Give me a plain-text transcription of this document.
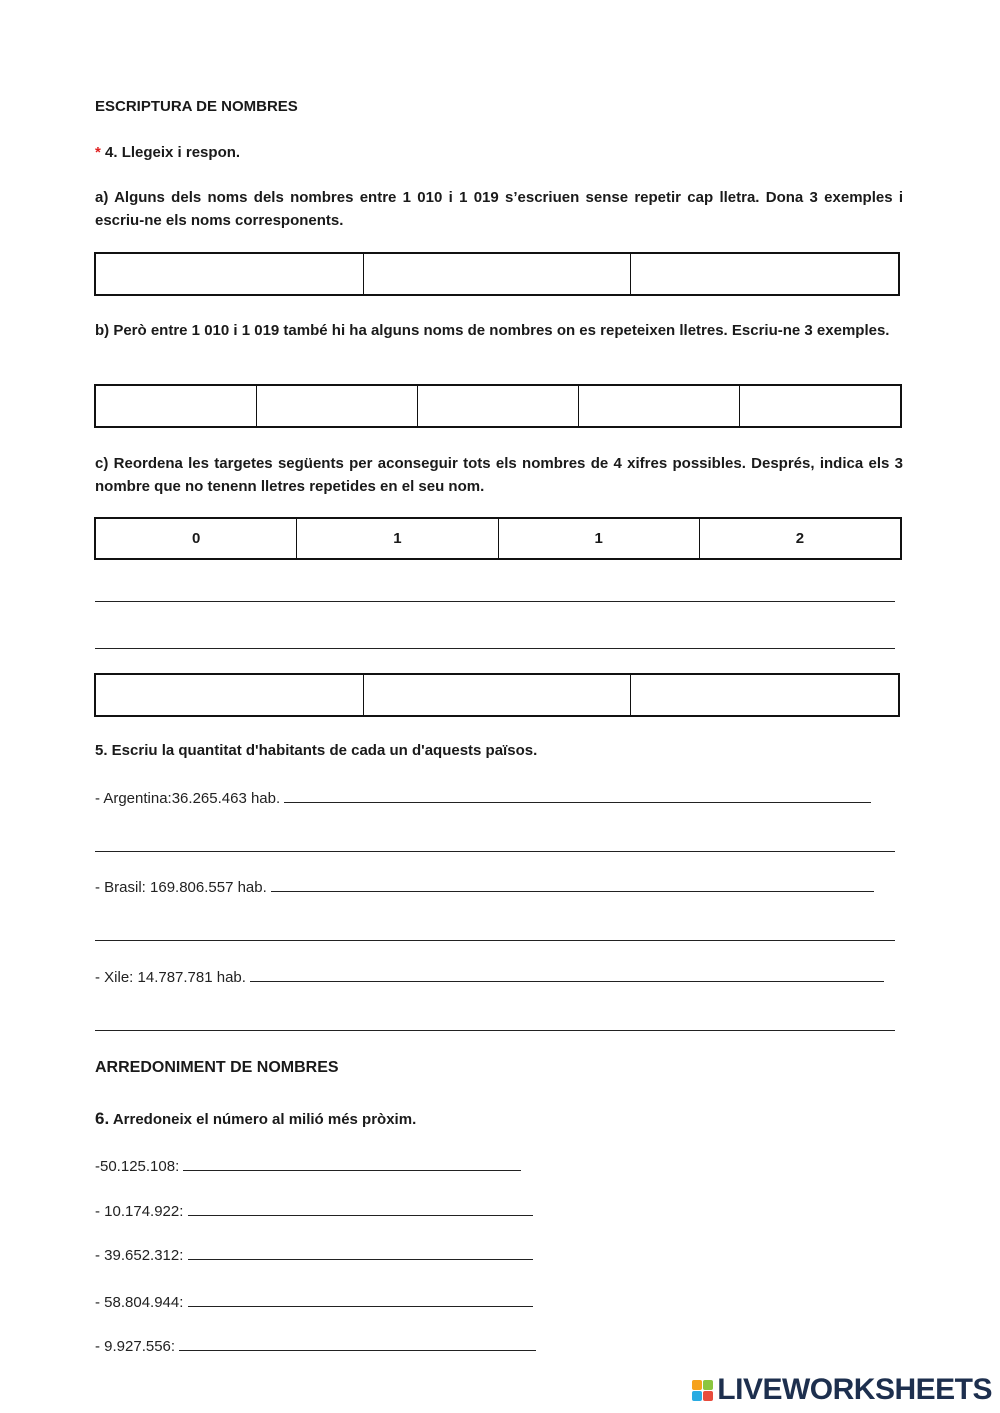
ESCRIPTURA DE NOMBRES
* 4. Llegeix i respon.
a) Alguns dels noms dels nombres entre 1 010 i 1 019 s’escriuen sense repetir cap lletra. Dona 3 exemples i escriu-ne els noms corresponents.
b) Però entre 1 010 i 1 019 també hi ha alguns noms de nombres on es repeteixen lletres. Escriu-ne 3 exemples.
c) Reordena les targetes següents per aconseguir tots els nombres de 4 xifres possibles. Després, indica els 3 nombre que no tenenn lletres repetides en el seu nom.
0	1	1	2
5. Escriu la quantitat d'habitants de cada un d'aquests països.
- Argentina:36.265.463 hab.
- Brasil: 169.806.557 hab.
- Xile: 14.787.781 hab.
ARREDONIMENT DE NOMBRES
6. Arredoneix el número al milió més pròxim.
-50.125.108:
- 10.174.922:
- 39.652.312:
- 58.804.944:
- 9.927.556:
LIVEWORKSHEETS
